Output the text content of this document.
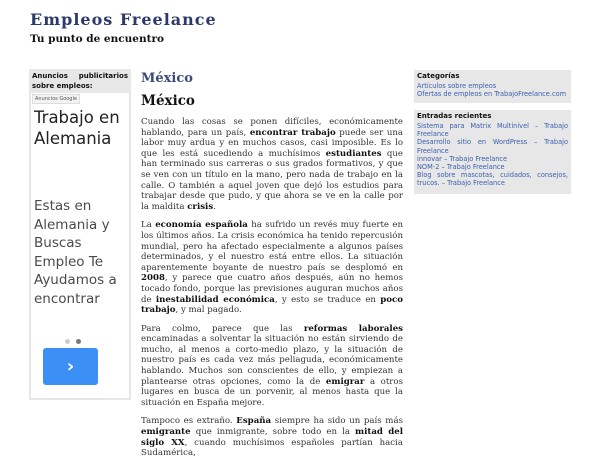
Empleos Freelance
Tu punto de encuentro
Anuncios publicitarios sobre empleos:
Anuncios Google
Trabajo en Alemania
Estas en Alemania y Buscas Empleo Te Ayudamos a encontrar
›
México
México

Cuando las cosas se ponen difíciles, económicamente hablando, para un país, encontrar trabajo puede ser una labor muy ardua y en muchos casos, casi imposible. Es lo que les está sucediendo a muchísimos estudiantes que han terminado sus carreras o sus grados formativos, y que se ven con un título en la mano, pero nada de trabajo en la calle. O también a aquel joven que dejó los estudios para trabajar desde que pudo, y que ahora se ve en la calle por la maldita crisis.

La economía española ha sufrido un revés muy fuerte en los últimos años. La crisis económica ha tenido repercusión mundial, pero ha afectado especialmente a algunos países determinados, y el nuestro está entre ellos. La situación aparentemente boyante de nuestro país se desplomó en 2008, y parece que cuatro años después, aún no hemos tocado fondo, porque las previsiones auguran muchos años de inestabilidad económica, y esto se traduce en poco trabajo, y mal pagado.

Para colmo, parece que las reformas laborales encaminadas a solventar la situación no están sirviendo de mucho, al menos a corto-medio plazo, y la situación de nuestro país es cada vez más peliaguda, económicamente hablando. Muchos son conscientes de ello, y empiezan a plantearse otras opciones, como la de emigrar a otros lugares en busca de un porvenir, al menos hasta que la situación en España mejore.

Tampoco es extraño. España siempre ha sido un país más emigrante que inmigrante, sobre todo en la mitad del siglo XX, cuando muchísimos españoles partían hacia Sudamérica,

Categorías
Artículos sobre empleos
Ofertas de empleos en TrabajoFreelance.com
Entradas recientes
Sistema para Matrix Multinivel – Trabajo Freelance
Desarrollo sitio en WordPress – Trabajo Freelance
innovar – Trabajo Freelance
NOM-2 – Trabajo Freelance
Blog sobre mascotas, cuidados, consejos, trucos. – Trabajo Freelance
